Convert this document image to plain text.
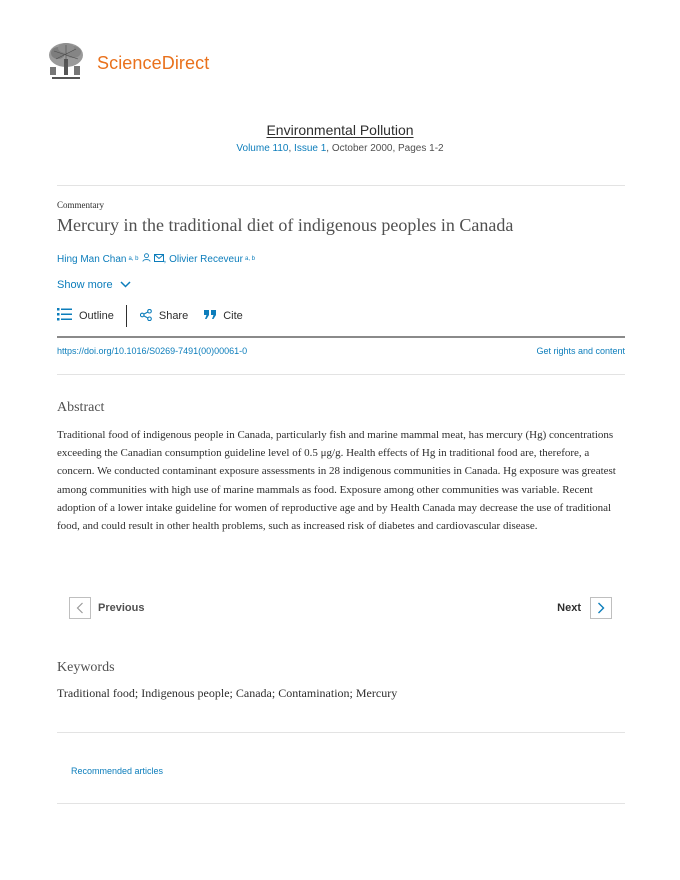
ScienceDirect
Environmental Pollution
Volume 110, Issue 1, October 2000, Pages 1-2
Commentary
Mercury in the traditional diet of indigenous peoples in Canada
Hing Man Chan a, b	, Olivier Receveur a, b
Show more
Outline	Share	Cite
https://doi.org/10.1016/S0269-7491(00)00061-0	Get rights and content
Abstract
Traditional food of indigenous people in Canada, particularly fish and marine mammal meat, has mercury (Hg) concentrations exceeding the Canadian consumption guideline level of 0.5 μg/g. Health effects of Hg in traditional food are, therefore, a concern. We conducted contaminant exposure assessments in 28 indigenous communities in Canada. Hg exposure was greatest among communities with high use of marine mammals as food. Exposure among other communities was variable. Recent adoption of a lower intake guideline for women of reproductive age and by Health Canada may decrease the use of traditional food, and could result in other health problems, such as increased risk of diabetes and cardiovascular disease.
Previous	Next
Keywords
Traditional food ; Indigenous people ; Canada ; Contamination ; Mercury
Recommended articles
